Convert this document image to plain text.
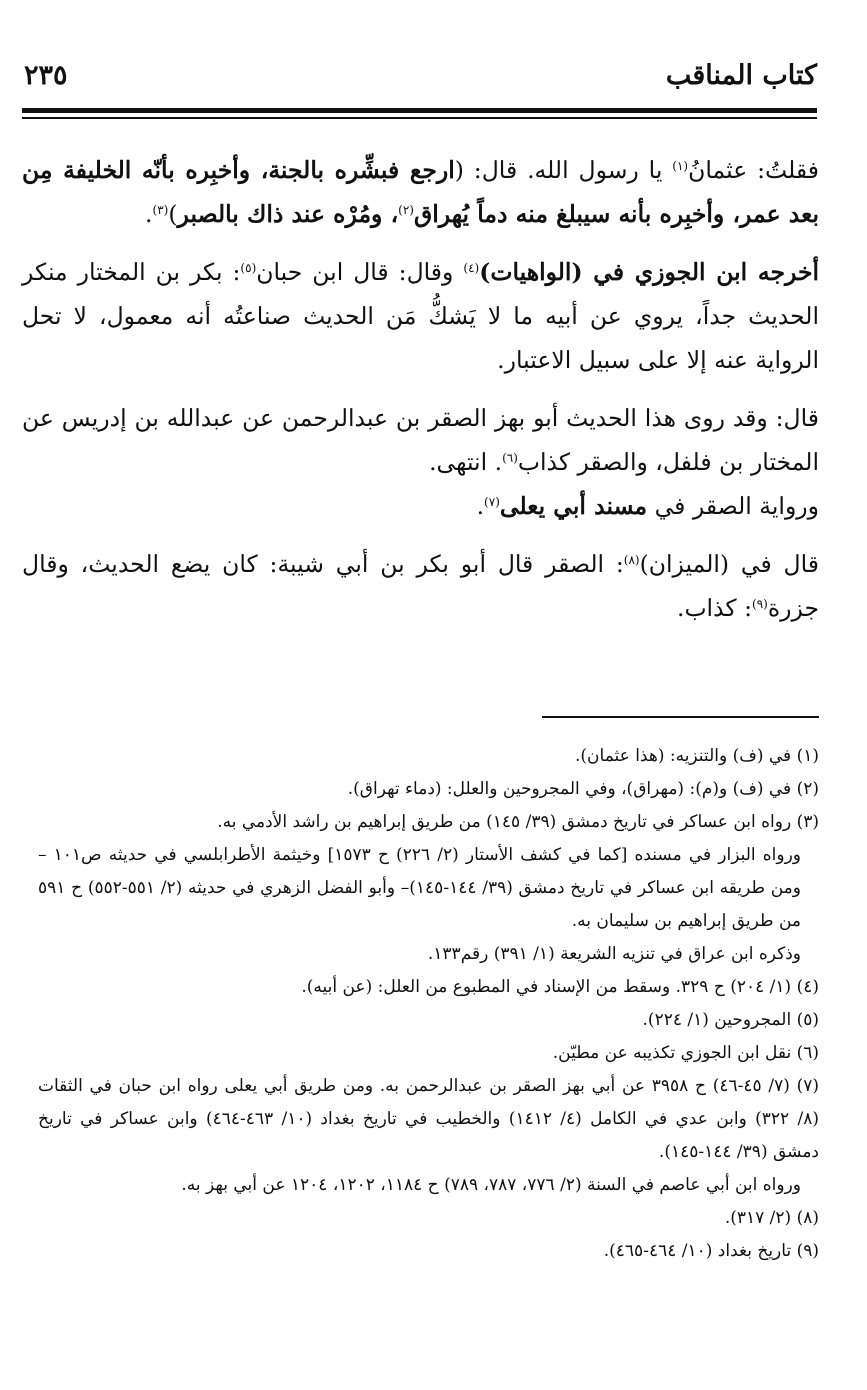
كتاب المناقب
٢٣٥

فقلتُ: عثمانُ$^{(١)}$ يا رسول الله. قال: (ارجع فبشِّره بالجنة، وأخبِره بأنّه الخليفة مِن بعد عمر، وأخبِره بأنه سيبلغ منه دماً يُهراق$^{(٢)}$، ومُرْه عند ذاك بالصبر)$^{(٣)}$.

أخرجه ابن الجوزي في (الواهيات)$^{(٤)}$ وقال: قال ابن حبان$^{(٥)}$: بكر بن المختار منكر الحديث جداً، يروي عن أبيه ما لا يَشكُّ مَن الحديث صناعتُه أنه معمول، لا تحل الرواية عنه إلا على سبيل الاعتبار.

قال: وقد روى هذا الحديث أبو بهز الصقر بن عبدالرحمن عن عبدالله بن إدريس عن المختار بن فلفل، والصقر كذاب$^{(٦)}$. انتهى.

ورواية الصقر في مسند أبي يعلى$^{(٧)}$.

قال في (الميزان)$^{(٨)}$: الصقر قال أبو بكر بن أبي شيبة: كان يضع الحديث، وقال جزرة$^{(٩)}$: كذاب.

(١) في (ف) والتنزيه: (هذا عثمان).

(٢) في (ف) و(م): (مهراق)، وفي المجروحين والعلل: (دماء تهراق).

(٣) رواه ابن عساكر في تاريخ دمشق (٣٩/ ١٤٥) من طريق إبراهيم بن راشد الأدمي به.

ورواه البزار في مسنده [كما في كشف الأستار (٢/ ٢٢٦) ح ١٥٧٣] وخيثمة الأطرابلسي في حديثه ص١٠١ –ومن طريقه ابن عساكر في تاريخ دمشق (٣٩/ ١٤٤-١٤٥)– وأبو الفضل الزهري في حديثه (٢/ ٥٥١-٥٥٢) ح ٥٩١ من طريق إبراهيم بن سليمان به.

وذكره ابن عراق في تنزيه الشريعة (١/ ٣٩١) رقم١٣٣.

(٤) (١/ ٢٠٤) ح ٣٢٩. وسقط من الإسناد في المطبوع من العلل: (عن أبيه).

(٥) المجروحين (١/ ٢٢٤).

(٦) نقل ابن الجوزي تكذيبه عن مطيّن.

(٧) (٧/ ٤٥-٤٦) ح ٣٩٥٨ عن أبي بهز الصقر بن عبدالرحمن به. ومن طريق أبي يعلى رواه ابن حبان في الثقات (٨/ ٣٢٢) وابن عدي في الكامل (٤/ ١٤١٢) والخطيب في تاريخ بغداد (١٠/ ٤٦٣-٤٦٤) وابن عساكر في تاريخ دمشق (٣٩/ ١٤٤-١٤٥).

ورواه ابن أبي عاصم في السنة (٢/ ٧٧٦، ٧٨٧، ٧٨٩) ح ١١٨٤، ١٢٠٢، ١٢٠٤ عن أبي بهز به.

(٨) (٢/ ٣١٧).

(٩) تاريخ بغداد (١٠/ ٤٦٤-٤٦٥).
